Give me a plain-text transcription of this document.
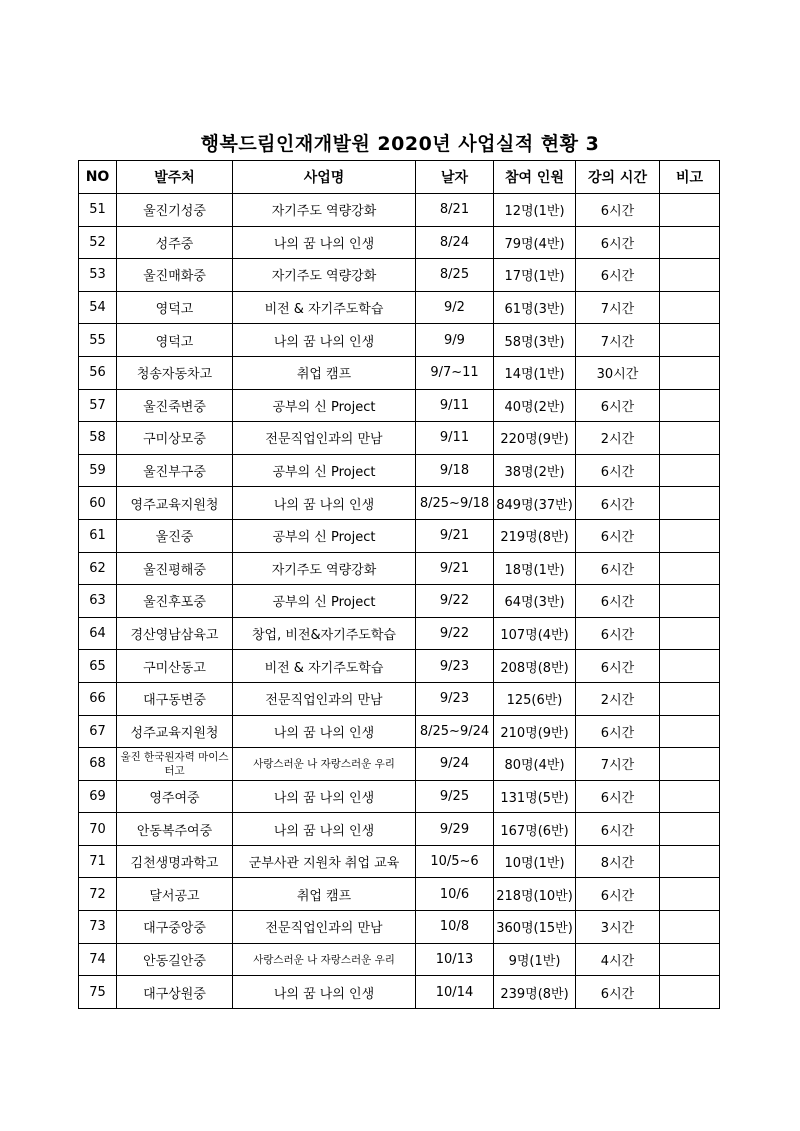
행복드림인재개발원 2020년 사업실적 현황 3
NO	발주처	사업명	날자	참여 인원	강의 시간	비고
51	울진기성중	자기주도 역량강화	8/21	12명(1반)	6시간	
52	성주중	나의 꿈 나의 인생	8/24	79명(4반)	6시간	
53	울진매화중	자기주도 역량강화	8/25	17명(1반)	6시간	
54	영덕고	비전 & 자기주도학습	9/2	61명(3반)	7시간	
55	영덕고	나의 꿈 나의 인생	9/9	58명(3반)	7시간	
56	청송자동차고	취업 캠프	9/7~11	14명(1반)	30시간	
57	울진죽변중	공부의 신 Project	9/11	40명(2반)	6시간	
58	구미상모중	전문직업인과의 만남	9/11	220명(9반)	2시간	
59	울진부구중	공부의 신 Project	9/18	38명(2반)	6시간	
60	영주교육지원청	나의 꿈 나의 인생	8/25~9/18	849명(37반)	6시간	
61	울진중	공부의 신 Project	9/21	219명(8반)	6시간	
62	울진평해중	자기주도 역량강화	9/21	18명(1반)	6시간	
63	울진후포중	공부의 신 Project	9/22	64명(3반)	6시간	
64	경산영남삼육고	창업, 비전&자기주도학습	9/22	107명(4반)	6시간	
65	구미산동고	비전 & 자기주도학습	9/23	208명(8반)	6시간	
66	대구동변중	전문직업인과의 만남	9/23	125(6반)	2시간	
67	성주교육지원청	나의 꿈 나의 인생	8/25~9/24	210명(9반)	6시간	
68	울진 한국원자력 마이스터고	사랑스러운 나 자랑스러운 우리	9/24	80명(4반)	7시간	
69	영주여중	나의 꿈 나의 인생	9/25	131명(5반)	6시간	
70	안동복주여중	나의 꿈 나의 인생	9/29	167명(6반)	6시간	
71	김천생명과학고	군부사관 지원차 취업 교육	10/5~6	10명(1반)	8시간	
72	달서공고	취업 캠프	10/6	218명(10반)	6시간	
73	대구중앙중	전문직업인과의 만남	10/8	360명(15반)	3시간	
74	안동길안중	사랑스러운 나 자랑스러운 우리	10/13	9명(1반)	4시간	
75	대구상원중	나의 꿈 나의 인생	10/14	239명(8반)	6시간	
